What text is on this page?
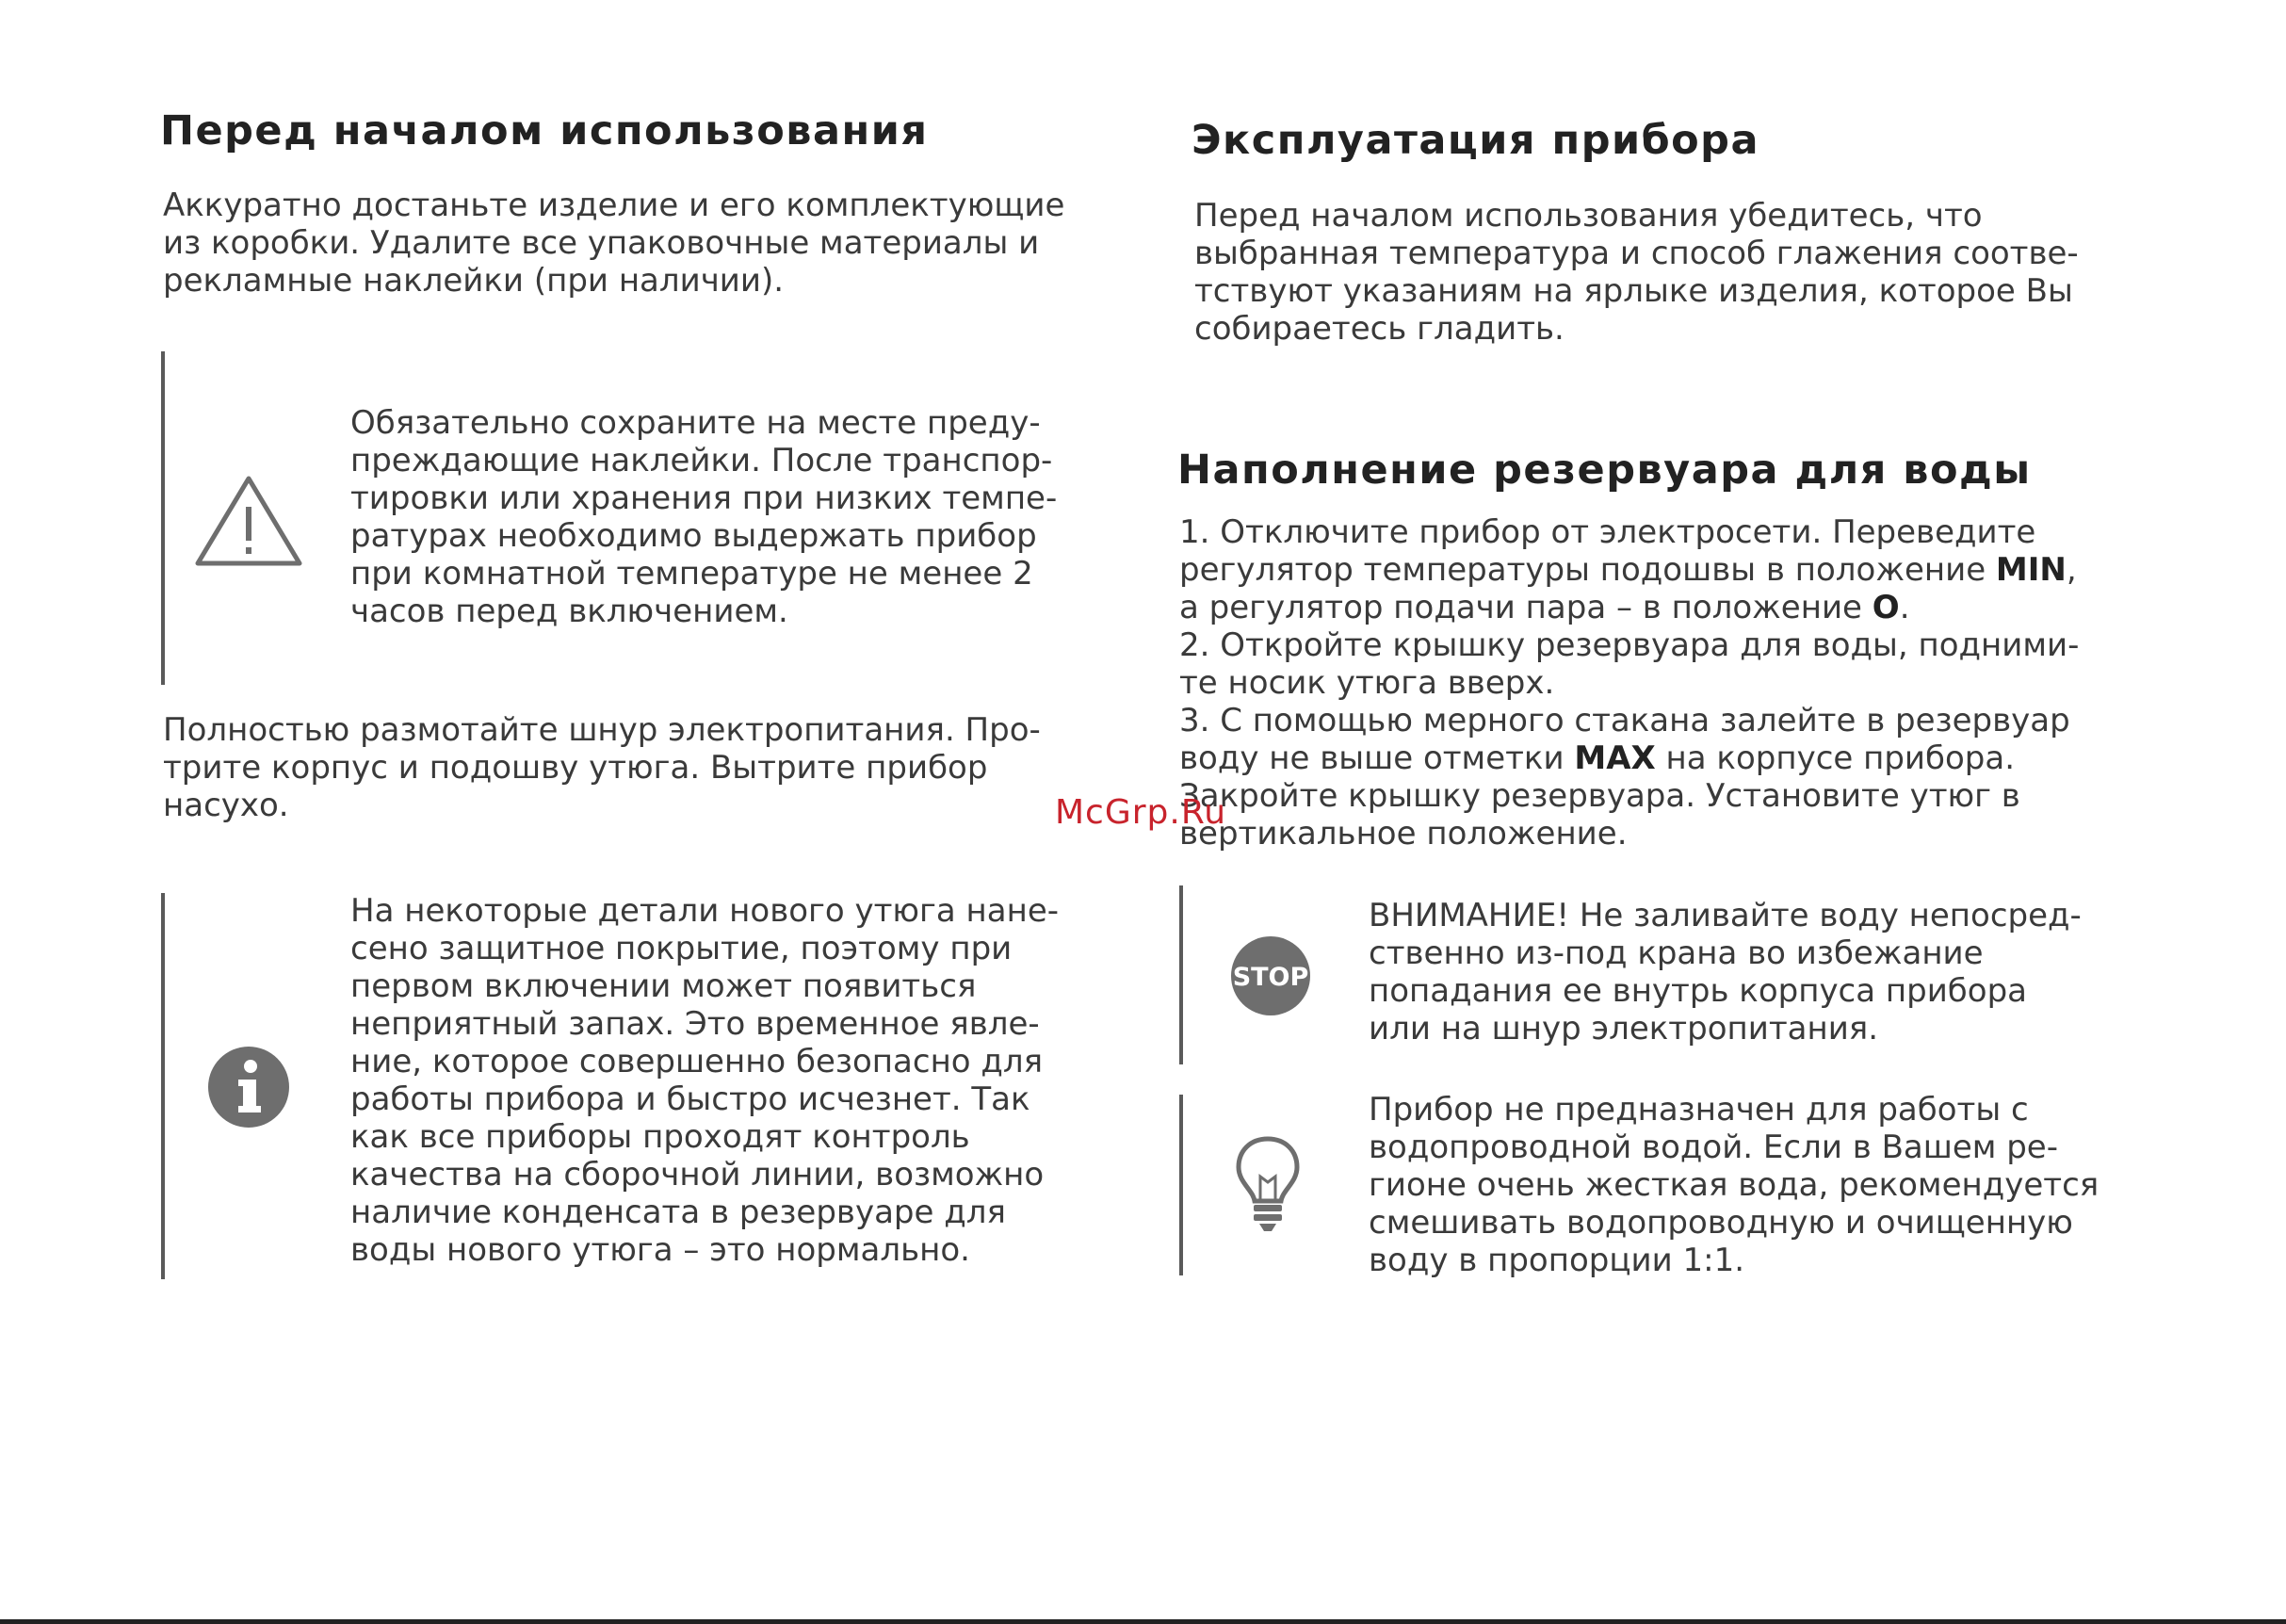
Перед началом использования
Аккуратно достаньте изделие и его комплектующие
из коробки. Удалите все упаковочные материалы и
рекламные наклейки (при наличии).
Обязательно сохраните на месте преду-
преждающие наклейки. После транспор-
тировки или хранения при низких темпе-
ратурах необходимо выдержать прибор
при комнатной температуре не менее 2
часов перед включением.
Полностью размотайте шнур электропитания. Про-
трите корпус и подошву утюга. Вытрите прибор
насухо.
На некоторые детали нового утюга нане-
сено защитное покрытие, поэтому при
первом включении может появиться
неприятный запах. Это временное явле-
ние, которое совершенно безопасно для
работы прибора и быстро исчезнет. Так
как все приборы проходят контроль
качества на сборочной линии, возможно
наличие конденсата в резервуаре для
воды нового утюга – это нормально.
Эксплуатация прибора
Перед началом использования убедитесь, что
выбранная температура и способ глажения соотве-
тствуют указаниям на ярлыке изделия, которое Вы
собираетесь гладить.
Наполнение резервуара для воды
1. Отключите прибор от электросети. Переведите
регулятор температуры подошвы в положение MIN,
а регулятор подачи пара – в положение O.
2. Откройте крышку резервуара для воды, подними-
те носик утюга вверх.
3. С помощью мерного стакана залейте в резервуар
воду не выше отметки MAX на корпусе прибора.
Закройте крышку резервуара. Установите утюг в
вертикальное положение.
STOP
ВНИМАНИЕ! Не заливайте воду непосред-
ственно из-под крана во избежание
попадания ее внутрь корпуса прибора
или на шнур электропитания.
Прибор не предназначен для работы с
водопроводной водой. Если в Вашем ре-
гионе очень жесткая вода, рекомендуется
смешивать водопроводную и очищенную
воду в пропорции 1:1.
McGrp.Ru
